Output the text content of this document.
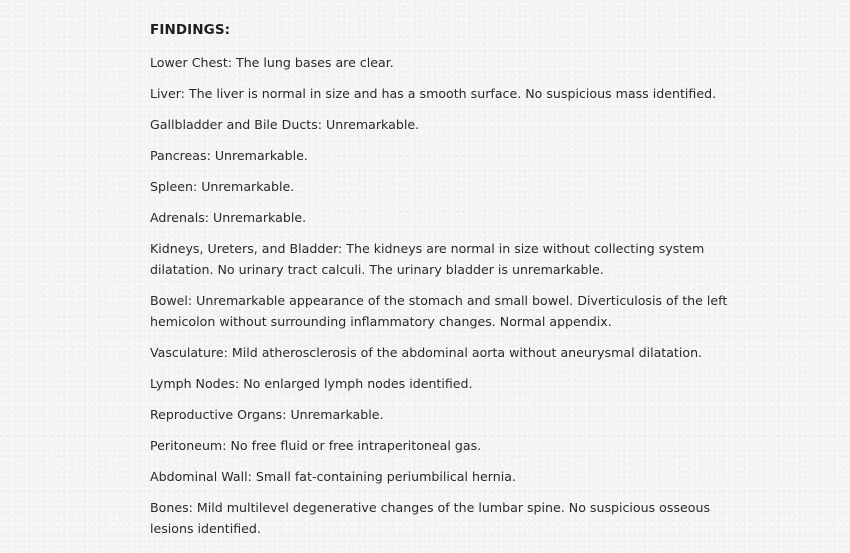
FINDINGS:
Lower Chest: The lung bases are clear.
Liver: The liver is normal in size and has a smooth surface. No suspicious mass identified.
Gallbladder and Bile Ducts: Unremarkable.
Pancreas: Unremarkable.
Spleen: Unremarkable.
Adrenals: Unremarkable.
Kidneys, Ureters, and Bladder: The kidneys are normal in size without collecting system
dilatation. No urinary tract calculi. The urinary bladder is unremarkable.
Bowel: Unremarkable appearance of the stomach and small bowel. Diverticulosis of the left
hemicolon without surrounding inflammatory changes. Normal appendix.
Vasculature: Mild atherosclerosis of the abdominal aorta without aneurysmal dilatation.
Lymph Nodes: No enlarged lymph nodes identified.
Reproductive Organs: Unremarkable.
Peritoneum: No free fluid or free intraperitoneal gas.
Abdominal Wall: Small fat-containing periumbilical hernia.
Bones: Mild multilevel degenerative changes of the lumbar spine. No suspicious osseous
lesions identified.
